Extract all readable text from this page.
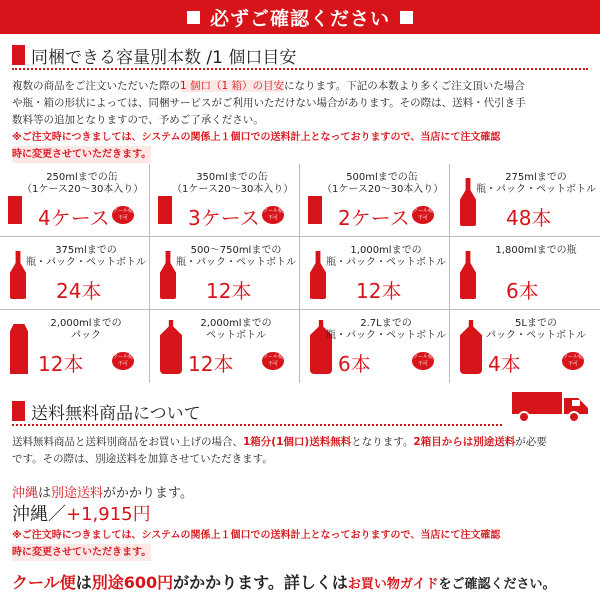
必ずご確認ください
同梱できる容量別本数 /1 個口目安
複数の商品をご注文いただいた際の1 個口（1 箱）の目安になります。下記の本数より多くご注文頂いた場合
や瓶・箱の形状によっては、同梱サービスがご利用いただけない場合があります。その際は、送料・代引き手
数料等の追加となりますので、予めご了承ください。
※ご注文時につきましては、システムの関係上１個口での送料計上となっておりますので、当店にて注文確認
時に変更させていただきます。
250mlまでの缶
（1ケース20〜30本入り）
4ケース クール便不可
350mlまでの缶
（1ケース20〜30本入り）
3ケース クール便不可
500mlまでの缶
（1ケース20〜30本入り）
2ケース クール便不可
275mlまでの
瓶・パック・ペットボトル
48本
375mlまでの
瓶・パック・ペットボトル
24本
500〜750mlまでの
瓶・パック・ペットボトル
12本
1,000mlまでの
瓶・パック・ペットボトル
12本
1,800mlまでの瓶
6本
2,000mlまでの
パック
12本	クール便不可
2,000mlまでの
ペットボトル
12本	クール便不可
2.7Lまでの
瓶・パック・ペットボトル
6本	クール便不可
5Lまでの
パック・ペットボトル
4本	クール便不可
送料無料商品について
送料無料商品と送料別商品をお買い上げの場合、1箱分(1個口)送料無料となります。2箱目からは別途送料が必要
です。その際は、別途送料を加算させていただきます。
沖縄は別途送料がかかります。
沖縄／+1,915円
※ご注文時につきましては、システムの関係上１個口での送料計上となっておりますので、当店にて注文確認
時に変更させていただきます。
クール便は別途600円がかかります。詳しくはお買い物ガイドをご確認ください。
